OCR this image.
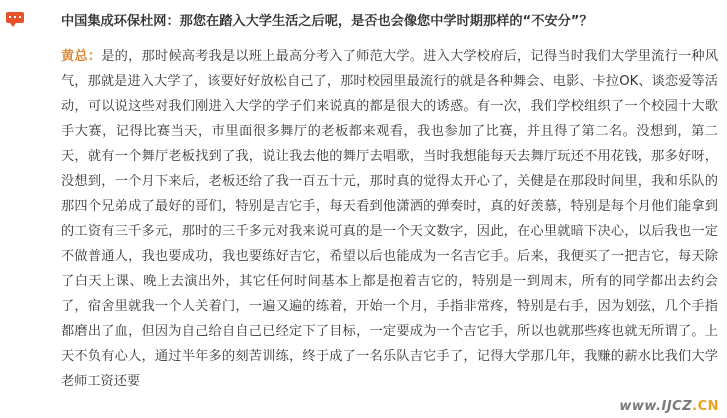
中国集成环保杜网：那您在踏入大学生活之后呢，是否也会像您中学时期那样的“不安分”？

黄总：是的，那时候高考我是以班上最高分考入了师范大学。进入大学校府后，记得当时我们大学里流行一种风气，那就是进入大学了，该要好好放松自己了，那时校园里最流行的就是各种舞会、电影、卡拉OK、谈恋爱等活动，可以说这些对我们刚进入大学的学子们来说真的都是很大的诱惑。有一次，我们学校组织了一个校园十大歌手大赛，记得比赛当天，市里面很多舞厅的老板都来观看，我也参加了比赛，并且得了第二名。没想到，第二天，就有一个舞厅老板找到了我，说让我去他的舞厅去唱歌，当时我想能每天去舞厅玩还不用花钱，那多好呀，没想到，一个月下来后，老板还给了我一百五十元，那时真的觉得太开心了，关健是在那段时间里，我和乐队的那四个兄弟成了最好的哥们，特别是吉它手，每天看到他潇洒的弹奏时，真的好羡慕，特别是每个月他们能拿到的工资有三千多元，那时的三千多元对我来说可真的是一个天文数字，因此，在心里就暗下决心，以后我也一定不做普通人，我也要成功，我也要练好吉它，希望以后也能成为一名吉它手。后来，我便买了一把吉它，每天除了白天上课、晚上去演出外，其它任何时间基本上都是抱着吉它的，特别是一到周末，所有的同学都出去约会了，宿舍里就我一个人关着门，一遍又遍的练着，开始一个月，手指非常疼，特别是右手，因为划弦，几个手指都磨出了血，但因为自己给自自己已经定下了目标，一定要成为一个吉它手，所以也就那些疼也就无所谓了。上天不负有心人，通过半年多的刻苦训练，终于成了一名乐队吉它手了，记得大学那几年，我赚的薪水比我们大学老师工资还要

www.IJCZ.CN
